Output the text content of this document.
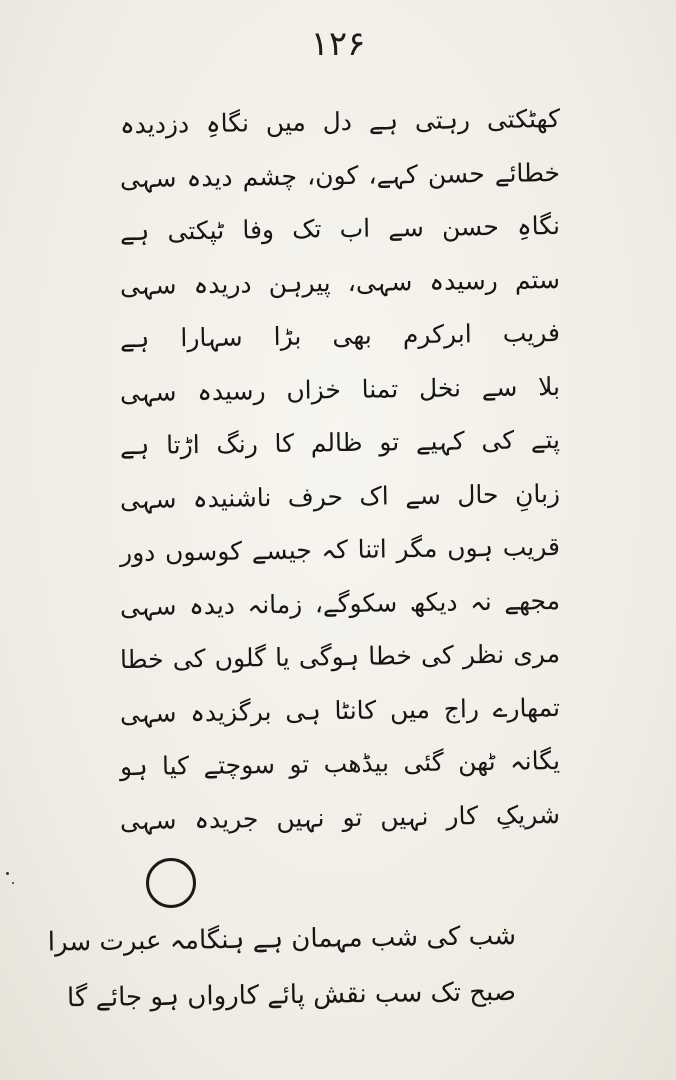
۱۲۶
کھٹکتی رہتی ہے دل میں نگاہِ دزدیدہ
خطائے حسن کہے، کون، چشم دیدہ سہی
نگاہِ حسن سے اب تک وفا ٹپکتی ہے
ستم رسیدہ سہی، پیرہن دریدہ سہی
فریب ابرکرم بھی بڑا سہارا ہے
بلا سے نخل تمنا خزاں رسیدہ سہی
پتے کی کہیے تو ظالم کا رنگ اڑتا ہے
زبانِ حال سے اک حرف ناشنیدہ سہی
قریب ہوں مگر اتنا کہ جیسے کوسوں دور
مجھے نہ دیکھ سکوگے، زمانہ دیدہ سہی
مری نظر کی خطا ہوگی یا گلوں کی خطا
تمھارے راج میں کانٹا ہی برگزیدہ سہی
یگانہ ٹھن گئی بیڈھب تو سوچتے کیا ہو
شریکِ کار نہیں تو نہیں جریدہ سہی
شب کی شب مہمان ہے ہنگامہ عبرت سرا
صبح تک سب نقش پائے کارواں ہو جائے گا
